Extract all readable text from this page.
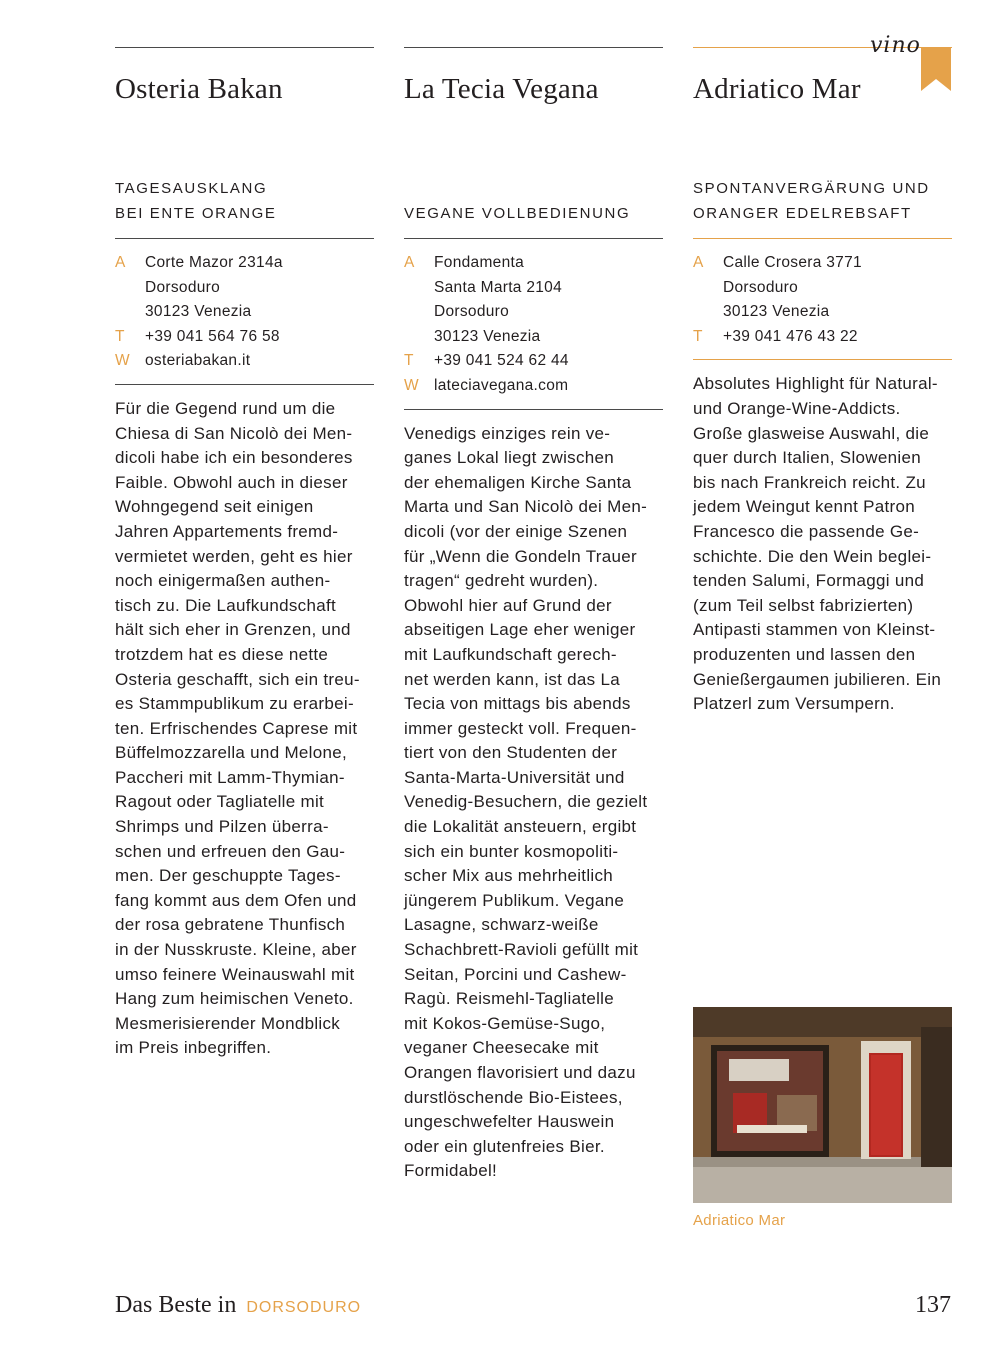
Osteria Bakan
TAGESAUSKLANG
BEI ENTE ORANGE
A	Corte Mazor 2314a
Dorsoduro
30123 Venezia
T	+39 041 564 76 58
W osteriabakan.it
Für die Gegend rund um die
Chiesa di San Nicolò dei Men-
dicoli habe ich ein besonderes
Faible. Obwohl auch in dieser
Wohngegend seit einigen
Jahren Appartements fremd-
vermietet werden, geht es hier
noch einigermaßen authen-
tisch zu. Die Laufkundschaft
hält sich eher in Grenzen, und
trotzdem hat es diese nette
Osteria geschafft, sich ein treu-
es Stammpublikum zu erarbei-
ten. Erfrischendes Caprese mit
Büffelmozzarella und Melone,
Paccheri mit Lamm-Thymian-
Ragout oder Tagliatelle mit
Shrimps und Pilzen überra-
schen und erfreuen den Gau-
men. Der geschuppte Tages-
fang kommt aus dem Ofen und
der rosa gebratene Thunfisch
in der Nusskruste. Kleine, aber
umso feinere Weinauswahl mit
Hang zum heimischen Veneto.
Mesmerisierender Mondblick
im Preis inbegriffen.
La Tecia Vegana
VEGANE VOLLBEDIENUNG
A	Fondamenta
Santa Marta 2104
Dorsoduro
30123 Venezia
T	+39 041 524 62 44
W lateciavegana.com
Venedigs einziges rein ve-
ganes Lokal liegt zwischen
der ehemaligen Kirche Santa
Marta und San Nicolò dei Men-
dicoli (vor der einige Szenen
für „Wenn die Gondeln Trauer
tragen“ gedreht wurden).
Obwohl hier auf Grund der
abseitigen Lage eher weniger
mit Laufkundschaft gerech-
net werden kann, ist das La
Tecia von mittags bis abends
immer gesteckt voll. Frequen-
tiert von den Studenten der
Santa-Marta-Universität und
Venedig-Besuchern, die gezielt
die Lokalität ansteuern, ergibt
sich ein bunter kosmopoliti-
scher Mix aus mehrheitlich
jüngerem Publikum. Vegane
Lasagne, schwarz-weiße
Schachbrett-Ravioli gefüllt mit
Seitan, Porcini und Cashew-
Ragù. Reismehl-Tagliatelle
mit Kokos-Gemüse-Sugo,
veganer Cheesecake mit
Orangen flavorisiert und dazu
durstlöschende Bio-Eistees,
ungeschwefelter Hauswein
oder ein glutenfreies Bier.
Formidabel!
Adriatico Mar
SPONTANVERGÄRUNG UND
ORANGER EDELREBSAFT
A	Calle Crosera 3771
Dorsoduro
30123 Venezia
T	+39 041 476 43 22
Absolutes Highlight für Natural-
und Orange-Wine-Addicts.
Große glasweise Auswahl, die
quer durch Italien, Slowenien
bis nach Frankreich reicht. Zu
jedem Weingut kennt Patron
Francesco die passende Ge-
schichte. Die den Wein beglei-
tenden Salumi, Formaggi und
(zum Teil selbst fabrizierten)
Antipasti stammen von Kleinst-
produzenten und lassen den
Genießergaumen jubilieren. Ein
Platzerl zum Versumpern.
vino
Adriatico Mar
Das Beste in DORSODURO	137
